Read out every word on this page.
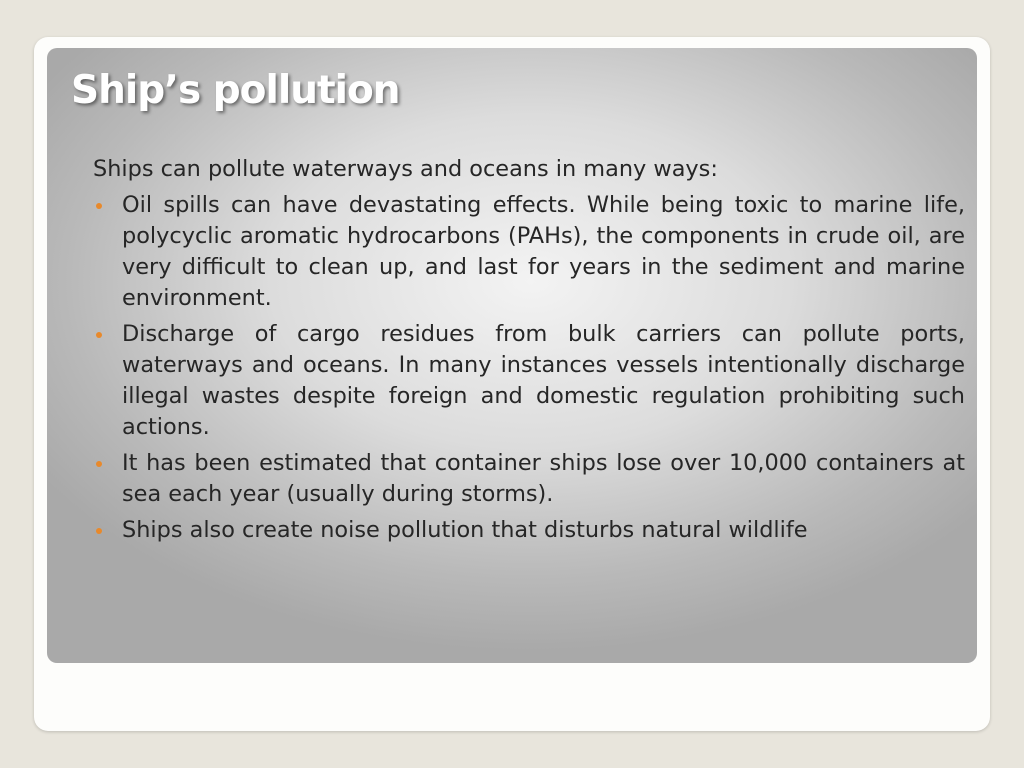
Ship’s pollution

Ships can pollute waterways and oceans in many ways:

Oil spills can have devastating effects. While being toxic to marine life, polycyclic aromatic hydrocarbons (PAHs), the components in crude oil, are very difficult to clean up, and last for years in the sediment and marine environment.
Discharge of cargo residues from bulk carriers can pollute ports, waterways and oceans. In many instances vessels intentionally discharge illegal wastes despite foreign and domestic regulation prohibiting such actions.
It has been estimated that container ships lose over 10,000 containers at sea each year (usually during storms).
Ships also create noise pollution that disturbs natural wildlife
